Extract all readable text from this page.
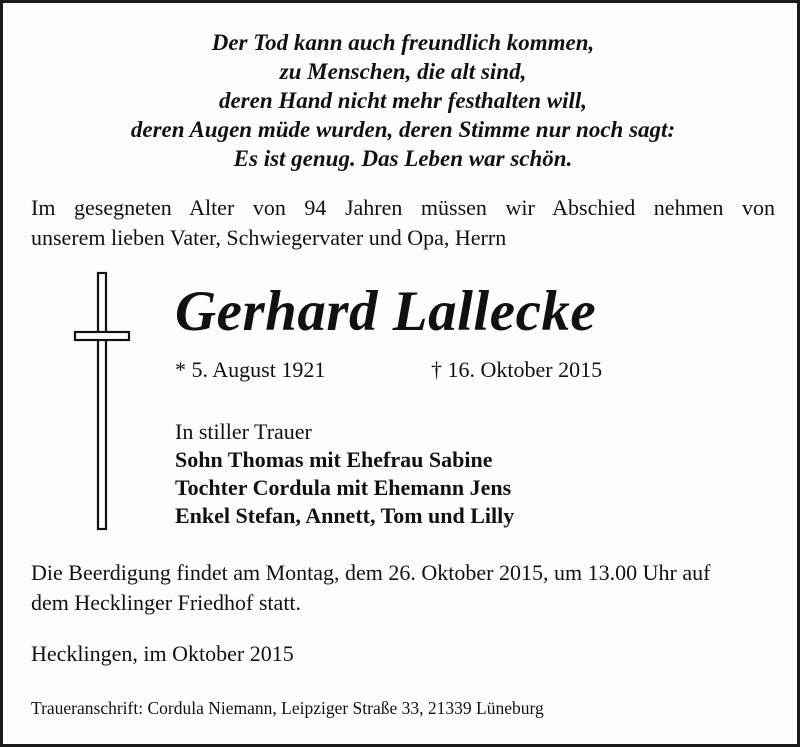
Der Tod kann auch freundlich kommen,
zu Menschen, die alt sind,
deren Hand nicht mehr festhalten will,
deren Augen müde wurden, deren Stimme nur noch sagt:
Es ist genug. Das Leben war schön.
Im gesegneten Alter von 94 Jahren müssen wir Abschied nehmen von
unserem lieben Vater, Schwiegervater und Opa, Herrn
Gerhard Lallecke
* 5. August 1921	† 16. Oktober 2015
In stiller Trauer
Sohn Thomas mit Ehefrau Sabine
Tochter Cordula mit Ehemann Jens
Enkel Stefan, Annett, Tom und Lilly
Die Beerdigung findet am Montag, dem 26. Oktober 2015, um 13.00 Uhr auf
dem Hecklinger Friedhof statt.
Hecklingen, im Oktober 2015
Traueranschrift: Cordula Niemann, Leipziger Straße 33, 21339 Lüneburg
